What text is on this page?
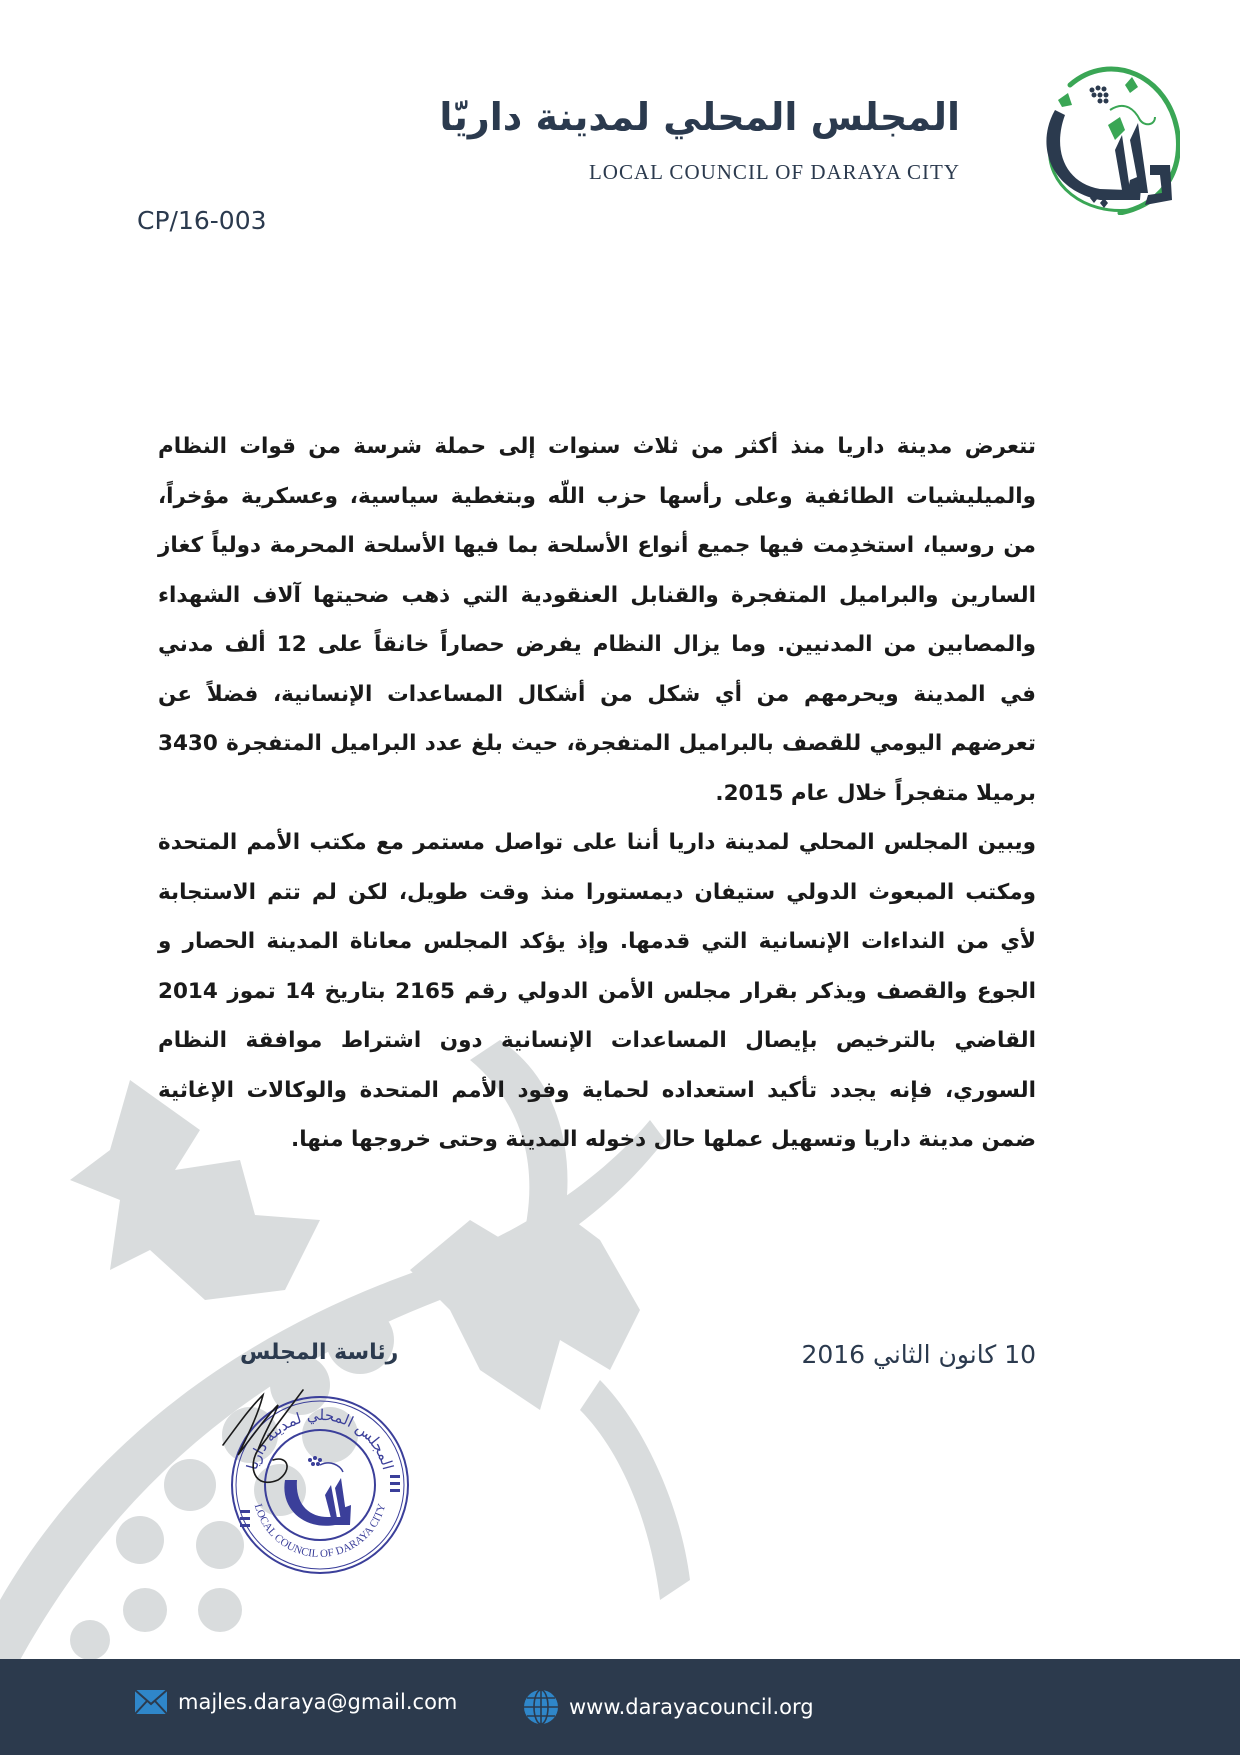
المجلس المحلي لمدينة داريّا
LOCAL COUNCIL OF DARAYA CITY
CP/16-003
تتعرض مدينة داريا منذ أكثر من ثلاث سنوات إلى حملة شرسة من قوات النظام والميليشيات الطائفية وعلى رأسها حزب اللّه وبتغطية سياسية، وعسكرية مؤخراً، من روسيا، استخدِمت فيها جميع أنواع الأسلحة بما فيها الأسلحة المحرمة دولياً كغاز السارين والبراميل المتفجرة والقنابل العنقودية التي ذهب ضحيتها آلاف الشهداء والمصابين من المدنيين. وما يزال النظام يفرض حصاراً خانقاً على 12 ألف مدني في المدينة ويحرمهم من أي شكل من أشكال المساعدات الإنسانية، فضلاً عن تعرضهم اليومي للقصف بالبراميل المتفجرة، حيث بلغ عدد البراميل المتفجرة 3430 برميلا متفجراً خلال عام 2015.
ويبين المجلس المحلي لمدينة داريا أننا على تواصل مستمر مع مكتب الأمم المتحدة ومكتب المبعوث الدولي ستيفان ديمستورا منذ وقت طويل، لكن لم تتم الاستجابة لأي من النداءات الإنسانية التي قدمها. وإذ يؤكد المجلس معاناة المدينة الحصار و الجوع والقصف ويذكر بقرار مجلس الأمن الدولي رقم 2165 بتاريخ 14 تموز 2014 القاضي بالترخيص بإيصال المساعدات الإنسانية دون اشتراط موافقة النظام السوري، فإنه يجدد تأكيد استعداده لحماية وفود الأمم المتحدة والوكالات الإغاثية ضمن مدينة داريا وتسهيل عملها حال دخوله المدينة وحتى خروجها منها.
10 كانون الثاني 2016
رئاسة المجلس
المجلس المحلي لمدينة داريا
LOCAL COUNCIL OF DARAYA CITY
majles.daraya@gmail.com	www.darayacouncil.org
